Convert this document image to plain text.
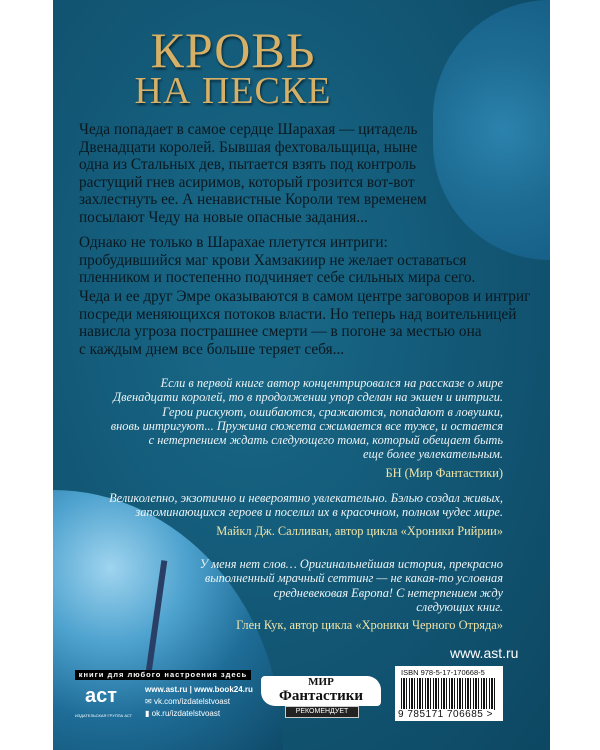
КРОВЬ
НА ПЕСКЕ
Чеда попадает в самое сердце Шарахая — цитадель
Двенадцати королей. Бывшая фехтовальщица, ныне
одна из Стальных дев, пытается взять под контроль
растущий гнев асиримов, который грозится вот-вот
захлестнуть ее. А ненавистные Короли тем временем
посылают Чеду на новые опасные задания...
Однако не только в Шарахае плетутся интриги:
пробудившийся маг крови Хамзакиир не желает оставаться
пленником и постепенно подчиняет себе сильных мира сего.
Чеда и ее друг Эмре оказываются в самом центре заговоров и интриг
посреди меняющихся потоков власти. Но теперь над воительницей
нависла угроза пострашнее смерти — в погоне за местью она
с каждым днем все больше теряет себя...
Если в первой книге автор концентрировался на рассказе о мире
Двенадцати королей, то в продолжении упор сделан на экшен и интриги.
Герои рискуют, ошибаются, сражаются, попадают в ловушки,
вновь интригуют... Пружина сюжета сжимается все туже, и остается
с нетерпением ждать следующего тома, который обещает быть
еще более увлекательным.
БН (Мир Фантастики)
Великолепно, экзотично и невероятно увлекательно. Бэлью создал живых,
запоминающихся героев и поселил их в красочном, полном чудес мире.
Майкл Дж. Салливан, автор цикла «Хроники Рийрии»
У меня нет слов… Оригинальнейшая история, прекрасно
выполненный мрачный сеттинг — не какая-то условная
средневековая Европа! С нетерпением жду
следующих книг.
Глен Кук, автор цикла «Хроники Черного Отряда»
www.ast.ru
книги для любого настроения здесь
аст
ИЗДАТЕЛЬСКАЯ ГРУППА АСТ
www.ast.ru | www.book24.ru
✉ vk.com/izdatelstvoast
▮ ok.ru/izdatelstvoast
МИР
Фантастики
РЕКОМЕНДУЕТ
ISBN 978-5-17-170668-5
9 785171 706685 >
